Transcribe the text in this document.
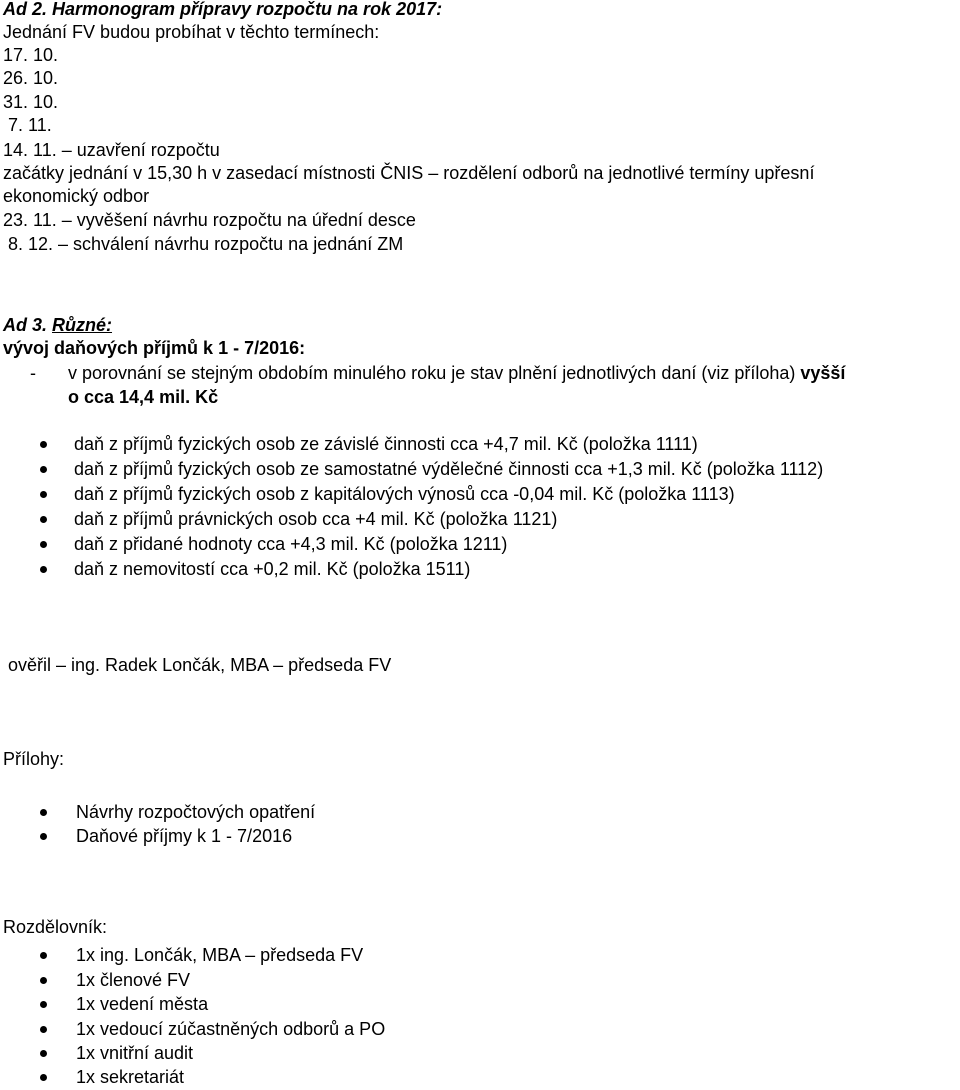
Ad 2. Harmonogram přípravy rozpočtu na rok 2017:
Jednání FV budou probíhat v těchto termínech:
17. 10.
26. 10.
31. 10.
7. 11.
14. 11. – uzavření rozpočtu
začátky jednání v 15,30 h v zasedací místnosti ČNIS – rozdělení odborů na jednotlivé termíny upřesní
ekonomický odbor
23. 11. – vyvěšení návrhu rozpočtu na úřední desce
8. 12. – schválení návrhu rozpočtu na jednání ZM
Ad 3. Různé:
vývoj daňových příjmů k 1 - 7/2016:
- v porovnání se stejným obdobím minulého roku je stav plnění jednotlivých daní (viz příloha) vyšší
o cca 14,4 mil. Kč
daň z příjmů fyzických osob ze závislé činnosti cca +4,7 mil. Kč (položka 1111)
daň z příjmů fyzických osob ze samostatné výdělečné činnosti cca +1,3 mil. Kč (položka 1112)
daň z příjmů fyzických osob z kapitálových výnosů cca -0,04 mil. Kč (položka 1113)
daň z příjmů právnických osob cca +4 mil. Kč (položka 1121)
daň z přidané hodnoty cca +4,3 mil. Kč (položka 1211)
daň z nemovitostí cca +0,2 mil. Kč (položka 1511)
ověřil – ing. Radek Lončák, MBA – předseda FV
Přílohy:
Návrhy rozpočtových opatření
Daňové příjmy k 1 - 7/2016
Rozdělovník:
1x ing. Lončák, MBA – předseda FV
1x členové FV
1x vedení města
1x vedoucí zúčastněných odborů a PO
1x vnitřní audit
1x sekretariát
